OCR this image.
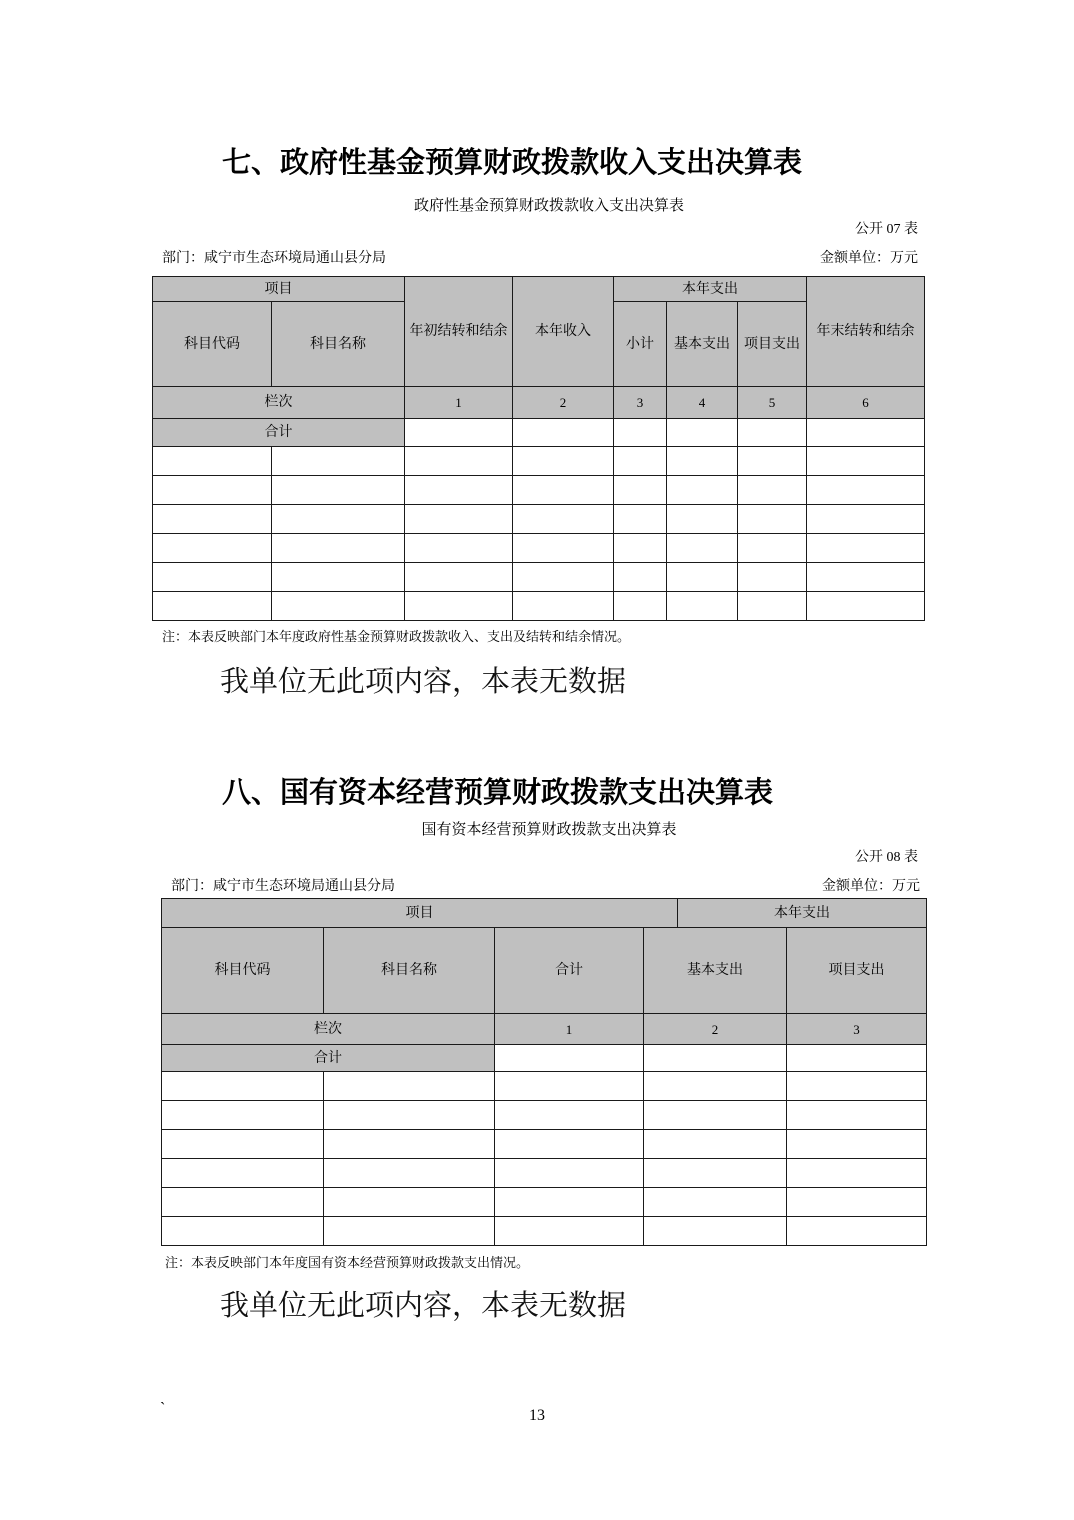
七、政府性基金预算财政拨款收入支出决算表
政府性基金预算财政拨款收入支出决算表
公开 07 表
部门：咸宁市生态环境局通山县分局	金额单位：万元
项目		年初结转和结余	本年收入	本年支出			年末结转和结余
科目代码	科目名称			小计	基本支出	项目支出	
栏次		1	2	3	4	5	6
合计							

注：本表反映部门本年度政府性基金预算财政拨款收入、支出及结转和结余情况。
我单位无此项内容，本表无数据
八、国有资本经营预算财政拨款支出决算表
国有资本经营预算财政拨款支出决算表
公开 08 表
部门：咸宁市生态环境局通山县分局	金额单位：万元
项目	本年支出
科目代码	科目名称	合计	基本支出	项目支出
栏次		1	2	3
合计				

注：本表反映部门本年度国有资本经营预算财政拨款支出情况。
我单位无此项内容，本表无数据
`	13
